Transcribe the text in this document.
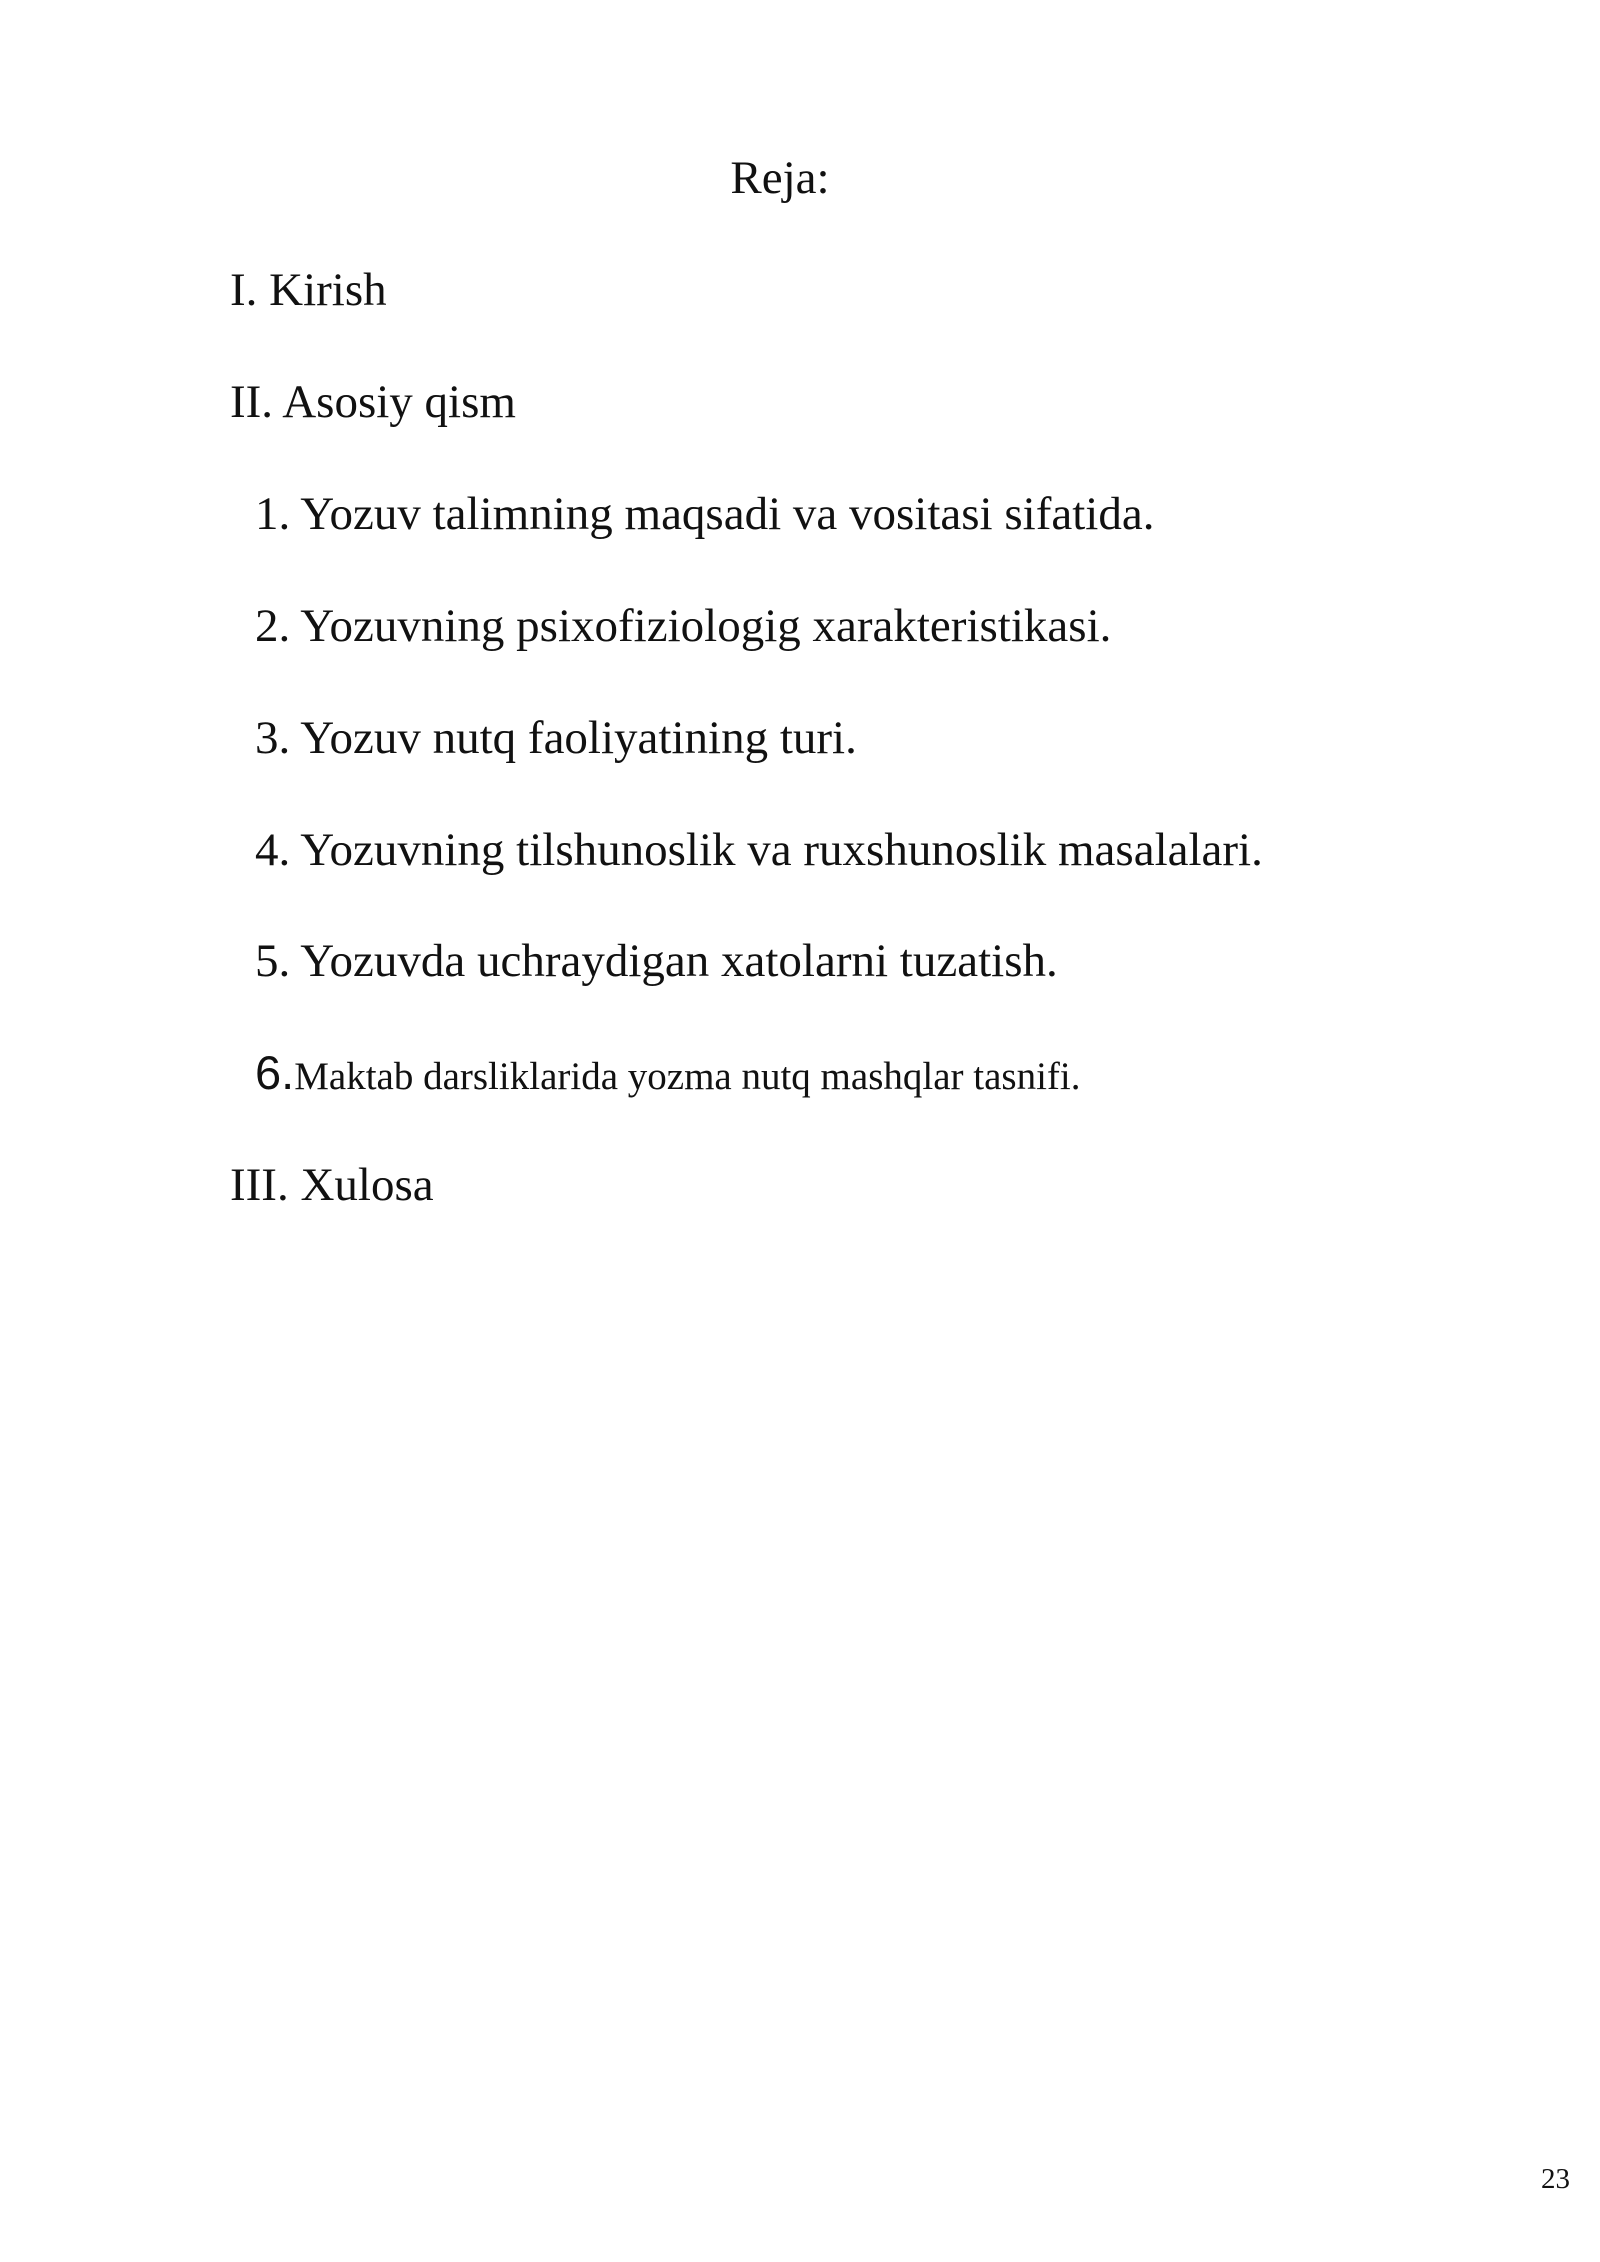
Reja:
I. Kirish
II. Asosiy qism
1. Yozuv talimning maqsadi va vositasi sifatida.
2. Yozuvning psixofiziologig xarakteristikasi.
3. Yozuv nutq faoliyatining turi.
4. Yozuvning tilshunoslik va ruxshunoslik masalalari.
5. Yozuvda uchraydigan xatolarni tuzatish.
6.Maktab darsliklarida yozma nutq mashqlar tasnifi.
III. Xulosa
23
